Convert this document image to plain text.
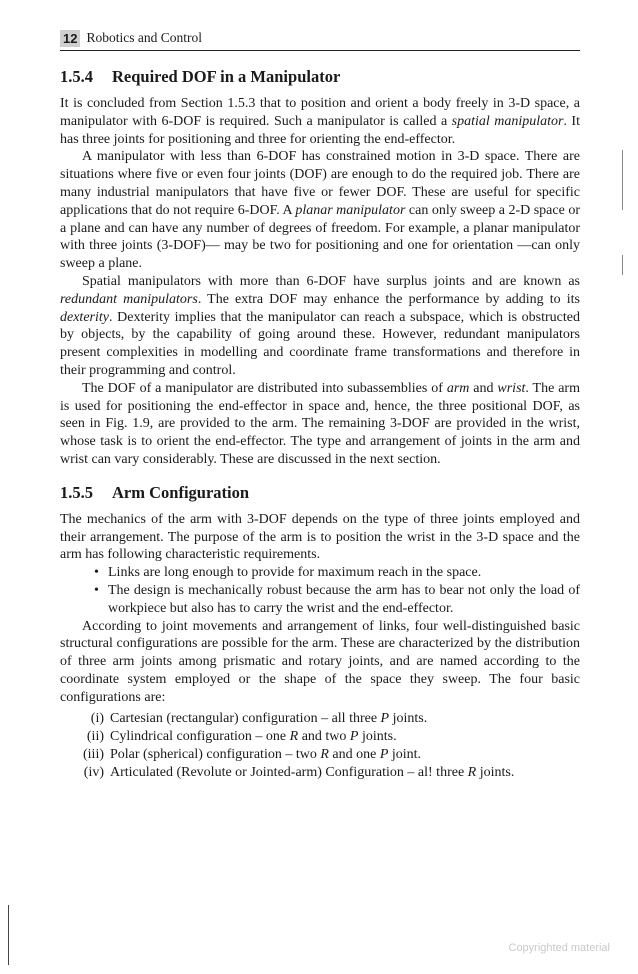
12 Robotics and Control
1.5.4 Required DOF in a Manipulator

It is concluded from Section 1.5.3 that to position and orient a body freely in 3-D space, a manipulator with 6-DOF is required. Such a manipulator is called a spatial manipulator. It has three joints for positioning and three for orienting the end-effector.

A manipulator with less than 6-DOF has constrained motion in 3-D space. There are situations where five or even four joints (DOF) are enough to do the required job. There are many industrial manipulators that have five or fewer DOF. These are useful for specific applications that do not require 6-DOF. A planar manipulator can only sweep a 2-D space or a plane and can have any number of degrees of freedom. For example, a planar manipulator with three joints (3-DOF)— may be two for positioning and one for orientation —can only sweep a plane.

Spatial manipulators with more than 6-DOF have surplus joints and are known as redundant manipulators. The extra DOF may enhance the performance by adding to its dexterity. Dexterity implies that the manipulator can reach a subspace, which is obstructed by objects, by the capability of going around these. However, redundant manipulators present complexities in modelling and coordinate frame transformations and therefore in their programming and control.

The DOF of a manipulator are distributed into subassemblies of arm and wrist. The arm is used for positioning the end-effector in space and, hence, the three positional DOF, as seen in Fig. 1.9, are provided to the arm. The remaining 3-DOF are provided in the wrist, whose task is to orient the end-effector. The type and arrangement of joints in the arm and wrist can vary considerably. These are discussed in the next section.

1.5.5 Arm Configuration

The mechanics of the arm with 3-DOF depends on the type of three joints employed and their arrangement. The purpose of the arm is to position the wrist in the 3-D space and the arm has following characteristic requirements.

• Links are long enough to provide for maximum reach in the space.
• The design is mechanically robust because the arm has to bear not only the load of workpiece but also has to carry the wrist and the end-effector.

According to joint movements and arrangement of links, four well-distinguished basic structural configurations are possible for the arm. These are characterized by the distribution of three arm joints among prismatic and rotary joints, and are named according to the coordinate system employed or the shape of the space they sweep. The four basic configurations are:

(i) Cartesian (rectangular) configuration – all three P joints.
(ii) Cylindrical configuration – one R and two P joints.
(iii) Polar (spherical) configuration – two R and one P joint.
(iv) Articulated (Revolute or Jointed-arm) Configuration – al! three R joints.
Copyrighted material
